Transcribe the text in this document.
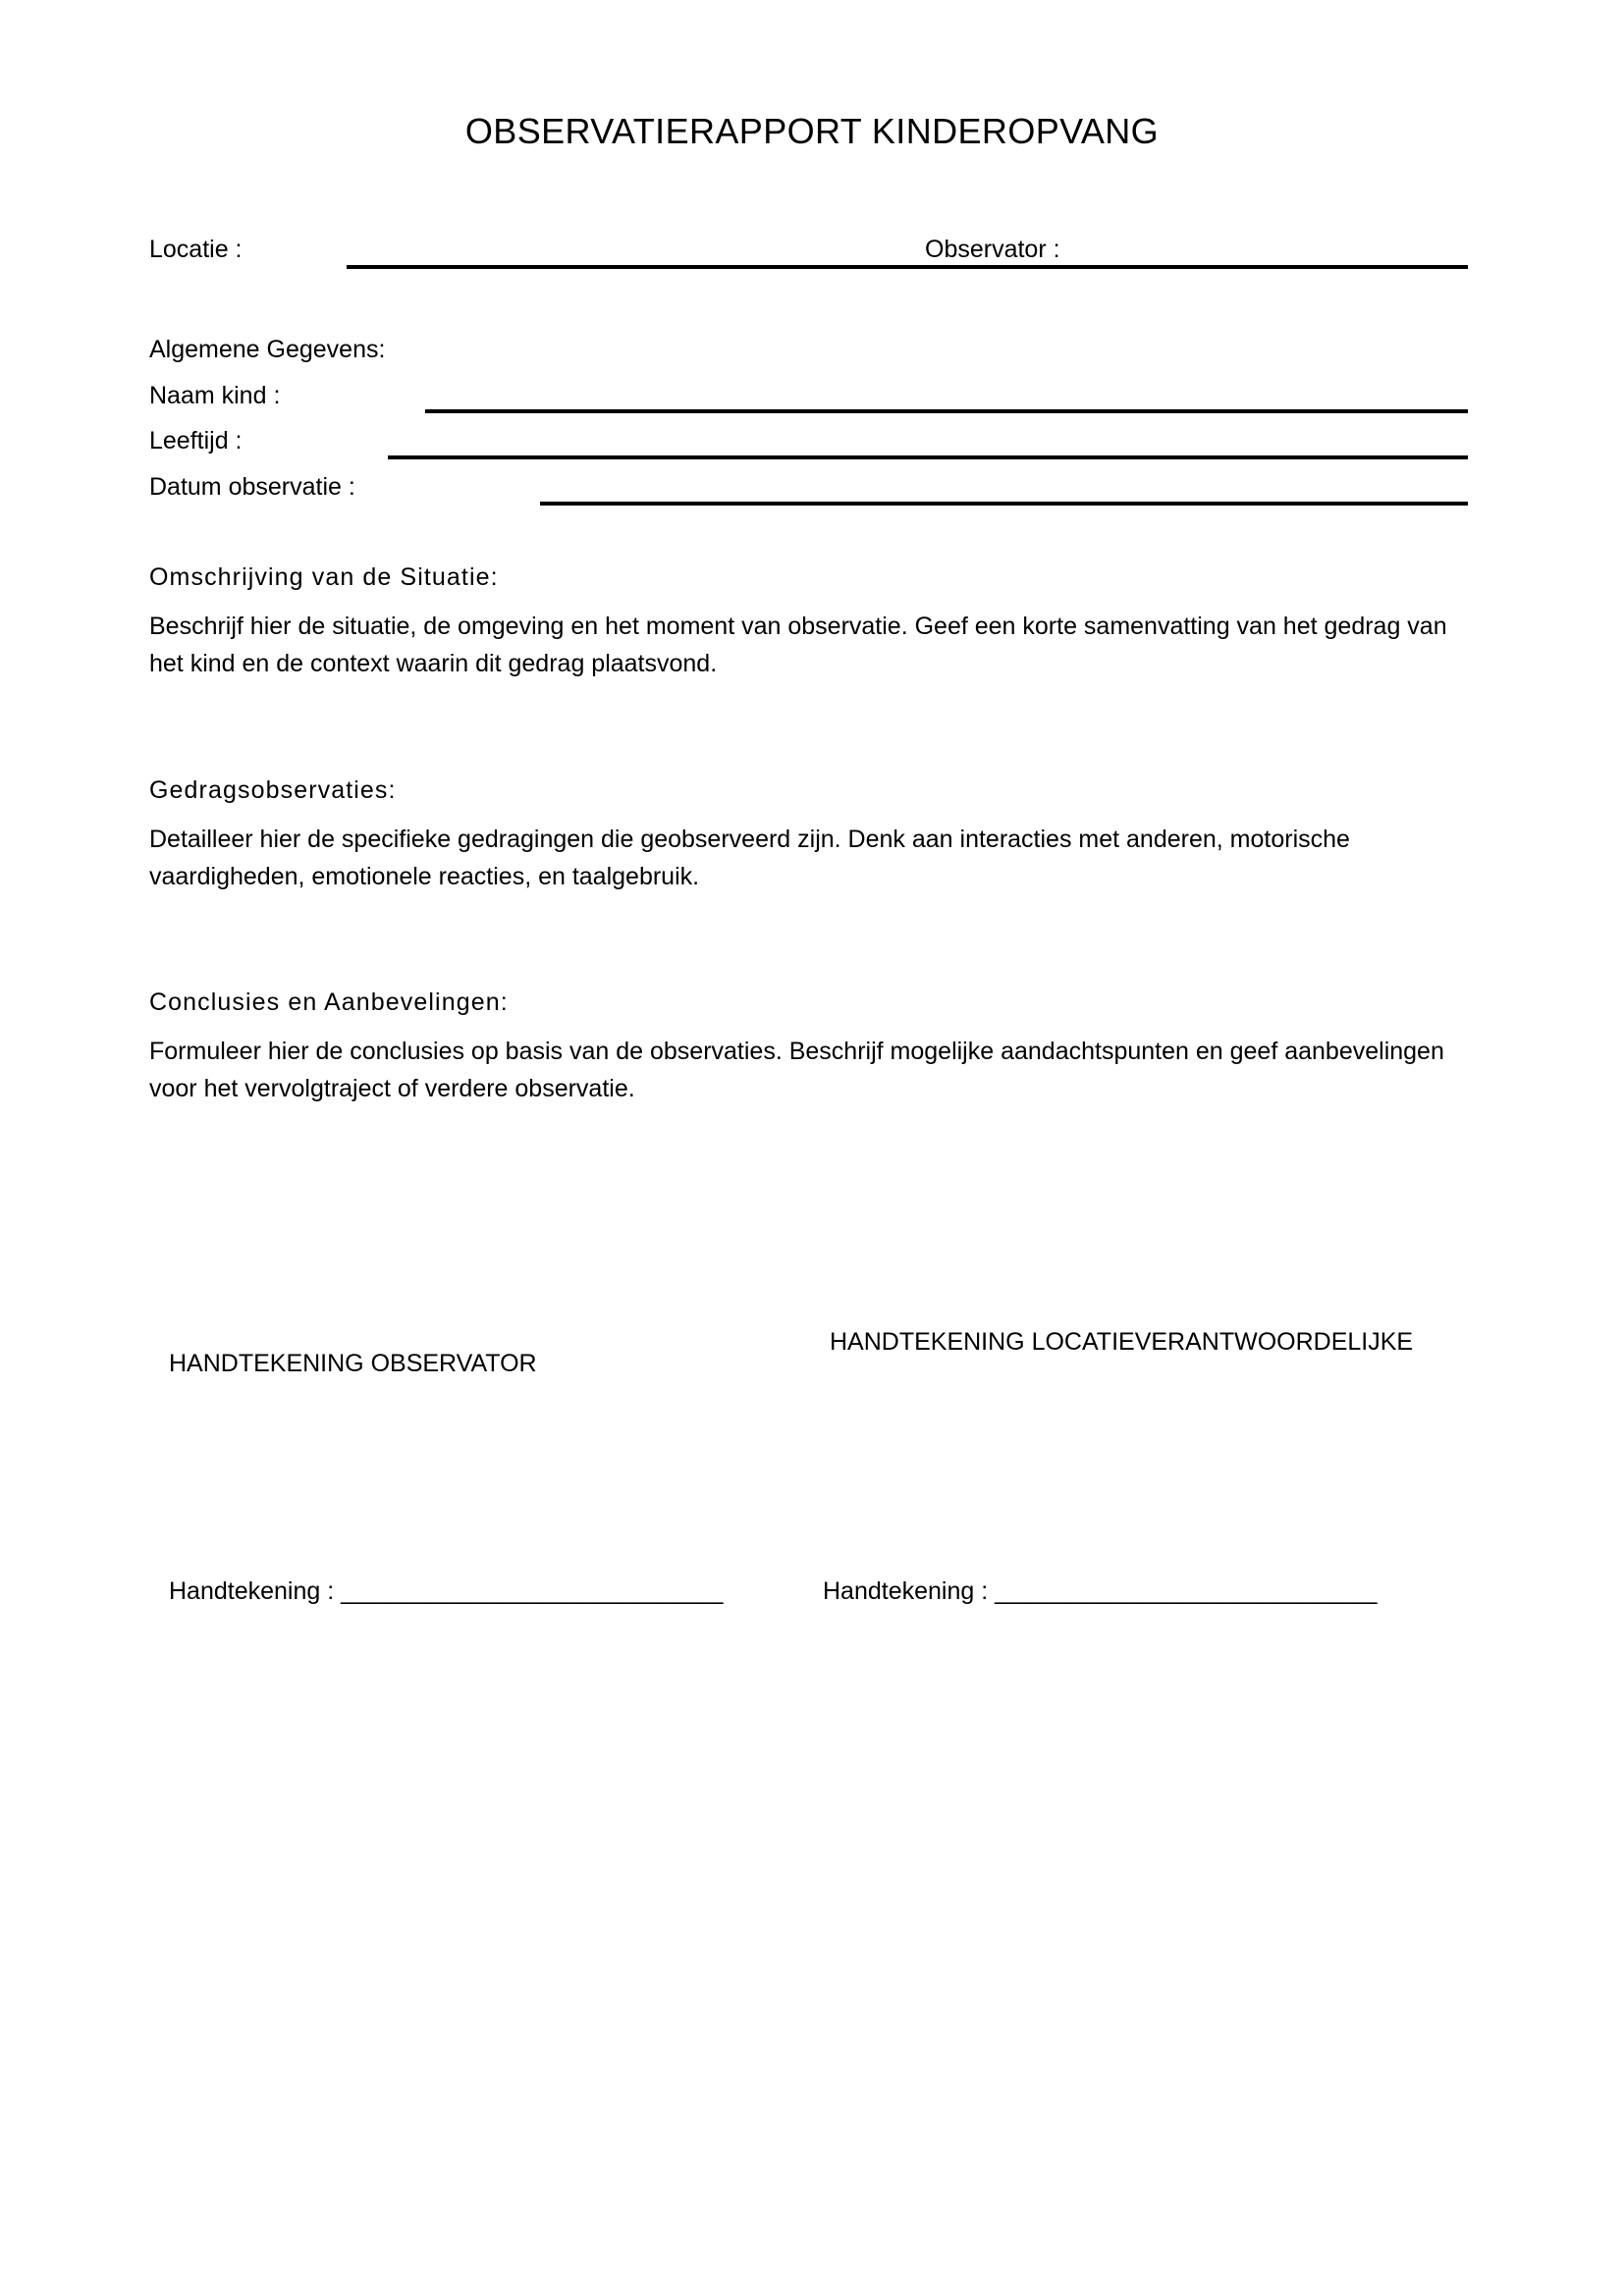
OBSERVATIERAPPORT KINDEROPVANG
Locatie :	Observator :
Algemene Gegevens:
Naam kind :
Leeftijd :
Datum observatie :

Omschrijving van de Situatie:

Beschrijf hier de situatie, de omgeving en het moment van observatie. Geef een korte samenvatting van het gedrag van het kind en de context waarin dit gedrag plaatsvond.

Gedragsobservaties:

Detailleer hier de specifieke gedragingen die geobserveerd zijn. Denk aan interacties met anderen, motorische vaardigheden, emotionele reacties, en taalgebruik.

Conclusies en Aanbevelingen:

Formuleer hier de conclusies op basis van de observaties. Beschrijf mogelijke aandachtspunten en geef aanbevelingen voor het vervolgtraject of verdere observatie.

HANDTEKENING OBSERVATOR
HANDTEKENING LOCATIEVERANTWOORDELIJKE
Handtekening : ____________________________	Handtekening : ____________________________
